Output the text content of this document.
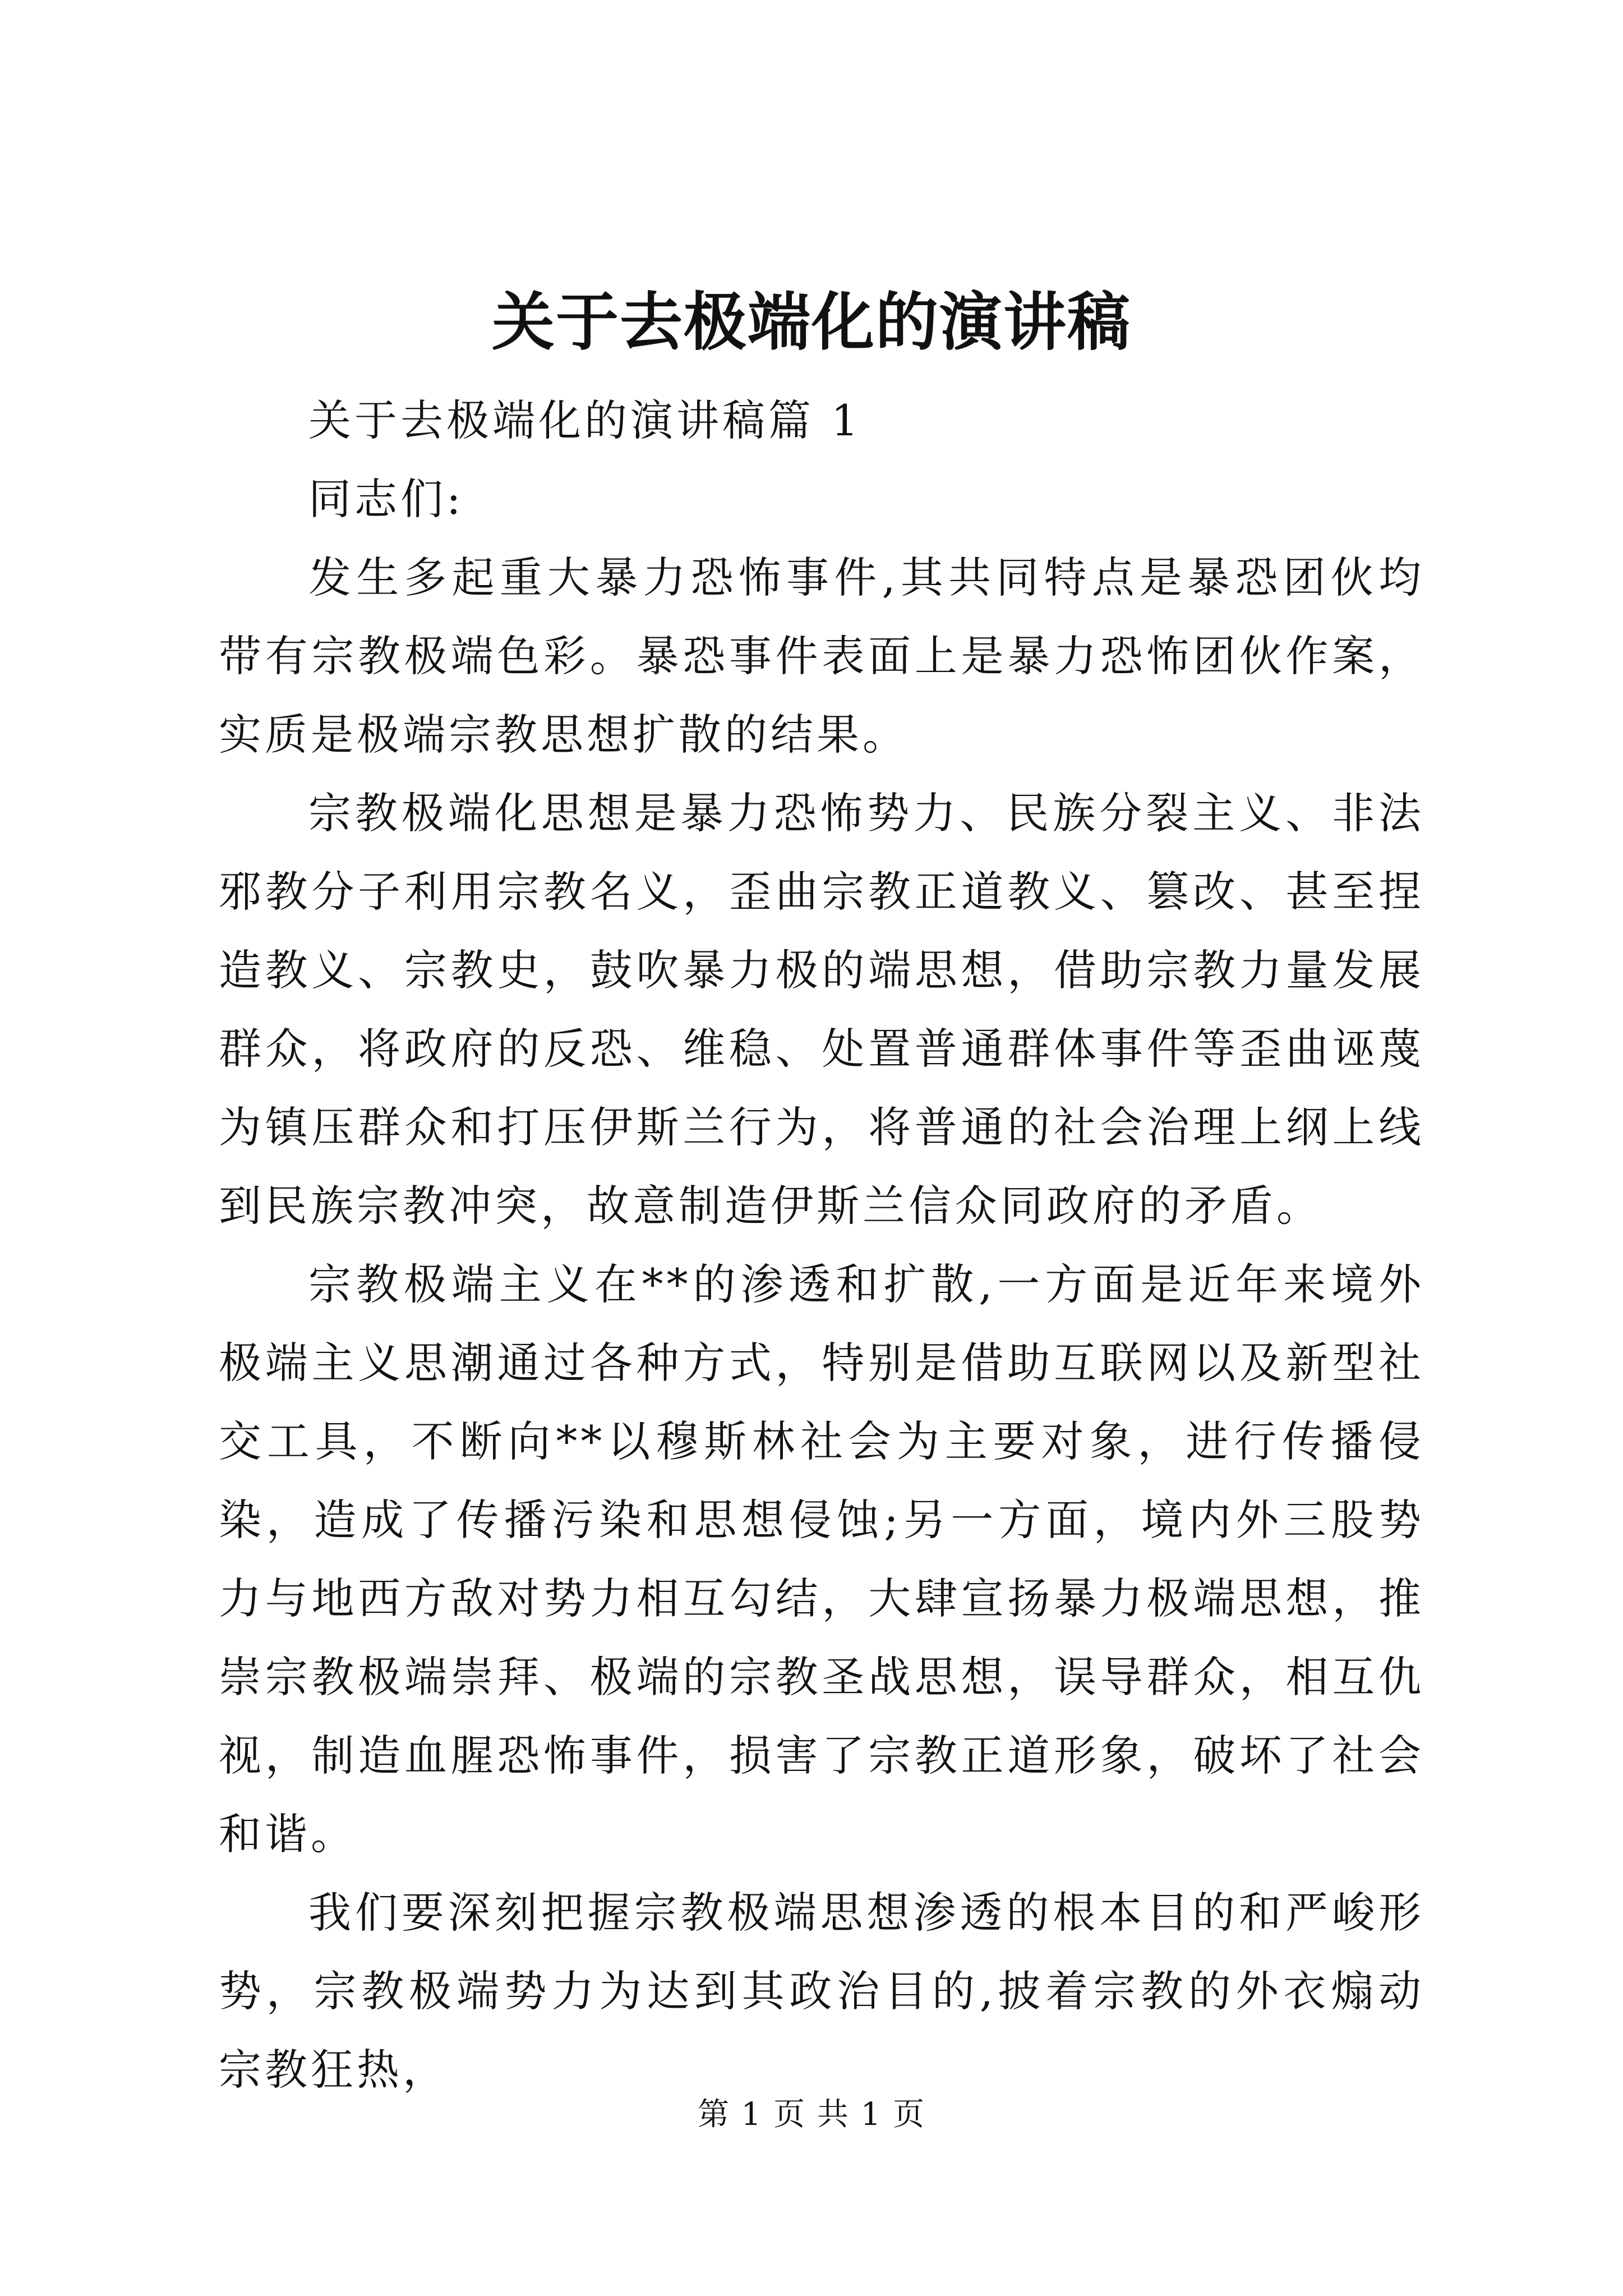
关于去极端化的演讲稿

关于去极端化的演讲稿篇 1

同志们:

发生多起重大暴力恐怖事件,其共同特点是暴恐团伙均带有宗教极端色彩。暴恐事件表面上是暴力恐怖团伙作案，实质是极端宗教思想扩散的结果。

宗教极端化思想是暴力恐怖势力、民族分裂主义、非法邪教分子利用宗教名义，歪曲宗教正道教义、篡改、甚至捏造教义、宗教史，鼓吹暴力极的端思想，借助宗教力量发展群众，将政府的反恐、维稳、处置普通群体事件等歪曲诬蔑为镇压群众和打压伊斯兰行为，将普通的社会治理上纲上线到民族宗教冲突，故意制造伊斯兰信众同政府的矛盾。

宗教极端主义在**的渗透和扩散,一方面是近年来境外极端主义思潮通过各种方式，特别是借助互联网以及新型社交工具，不断向**以穆斯林社会为主要对象，进行传播侵染，造成了传播污染和思想侵蚀;另一方面，境内外三股势力与地西方敌对势力相互勾结，大肆宣扬暴力极端思想，推崇宗教极端崇拜、极端的宗教圣战思想，误导群众，相互仇视，制造血腥恐怖事件，损害了宗教正道形象，破坏了社会和谐。

我们要深刻把握宗教极端思想渗透的根本目的和严峻形势，宗教极端势力为达到其政治目的,披着宗教的外衣煽动宗教狂热，

第 1 页 共 1 页
